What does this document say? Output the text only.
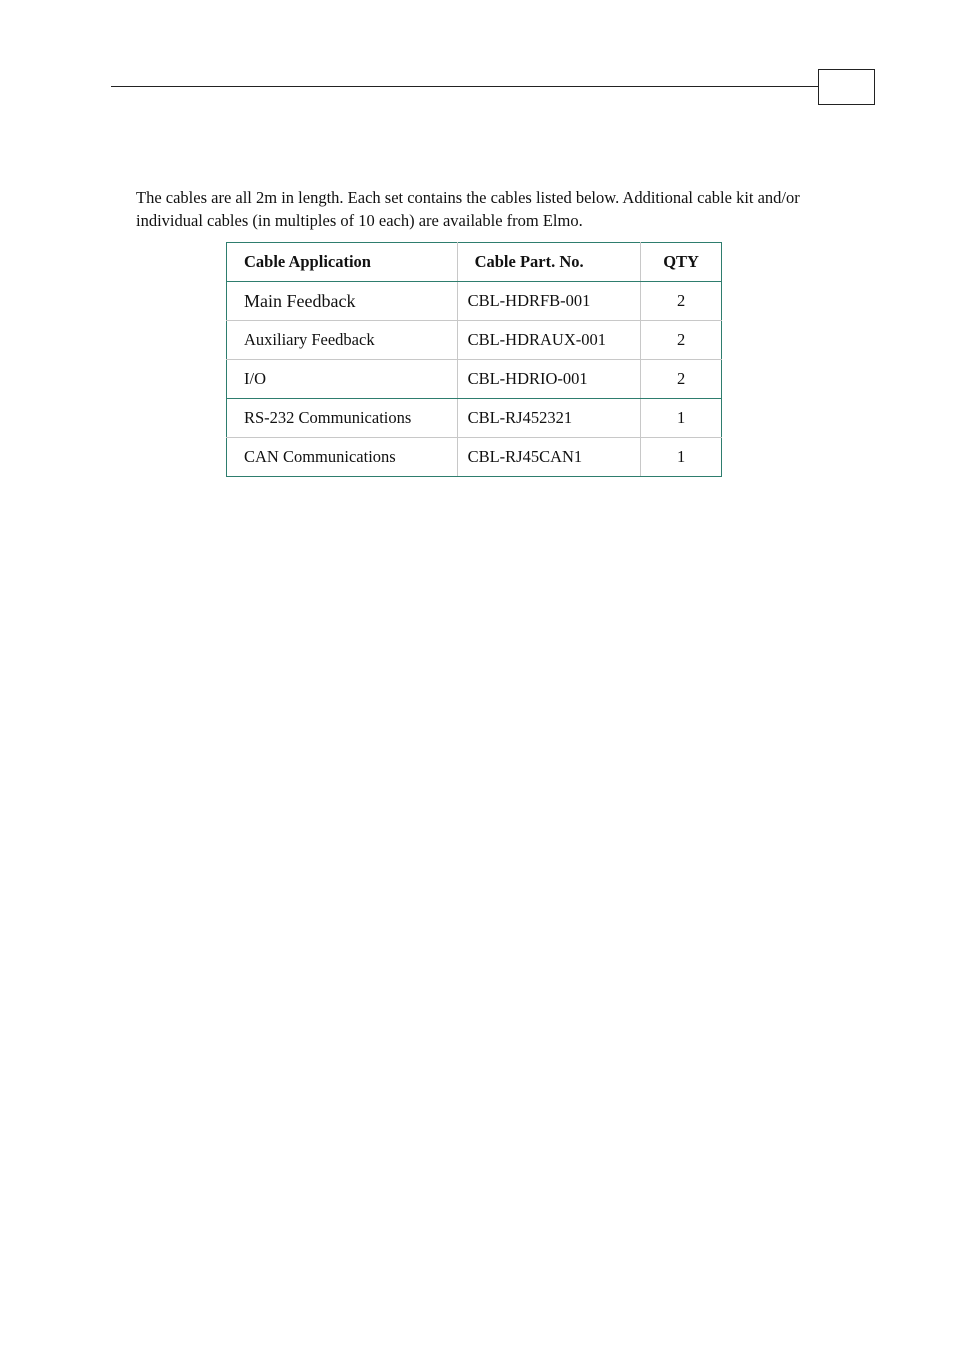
The cables are all 2m in length. Each set contains the cables listed below. Additional cable kit and/or individual cables (in multiples of 10 each) are available from Elmo.

Cable Application	Cable Part. No.	QTY
Main Feedback	CBL-HDRFB-001	2
Auxiliary Feedback	CBL-HDRAUX-001	2
I/O	CBL-HDRIO-001	2
RS-232 Communications	CBL-RJ452321	1
CAN Communications	CBL-RJ45CAN1	1
